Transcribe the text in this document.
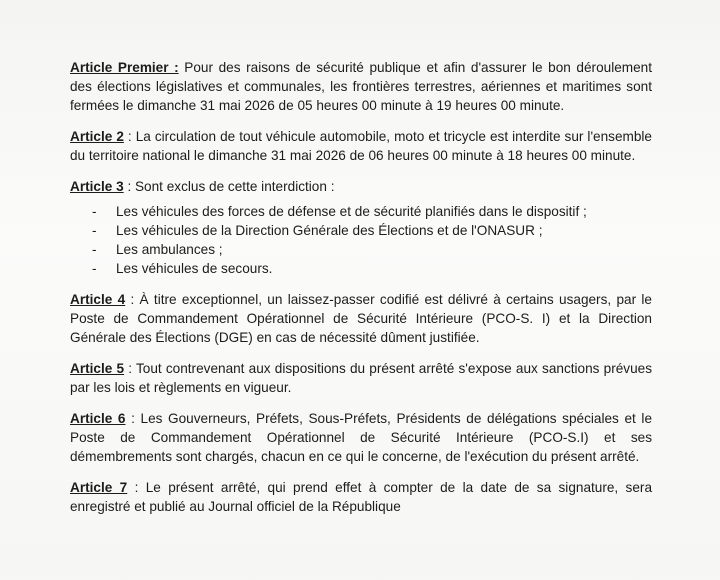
Article Premier : Pour des raisons de sécurité publique et afin d'assurer le bon déroulement des élections législatives et communales, les frontières terrestres, aériennes et maritimes sont fermées le dimanche 31 mai 2026 de 05 heures 00 minute à 19 heures 00 minute.

Article 2 : La circulation de tout véhicule automobile, moto et tricycle est interdite sur l'ensemble du territoire national le dimanche 31 mai 2026 de 06 heures 00 minute à 18 heures 00 minute.

Article 3 : Sont exclus de cette interdiction :

- Les véhicules des forces de défense et de sécurité planifiés dans le dispositif ;
- Les véhicules de la Direction Générale des Élections et de l'ONASUR ;
- Les ambulances ;
- Les véhicules de secours.

Article 4 : À titre exceptionnel, un laissez-passer codifié est délivré à certains usagers, par le Poste de Commandement Opérationnel de Sécurité Intérieure (PCO-S. I) et la Direction Générale des Élections (DGE) en cas de nécessité dûment justifiée.

Article 5 : Tout contrevenant aux dispositions du présent arrêté s'expose aux sanctions prévues par les lois et règlements en vigueur.

Article 6 : Les Gouverneurs, Préfets, Sous-Préfets, Présidents de délégations spéciales et le Poste de Commandement Opérationnel de Sécurité Intérieure (PCO-S.I) et ses démembrements sont chargés, chacun en ce qui le concerne, de l'exécution du présent arrêté.

Article 7 : Le présent arrêté, qui prend effet à compter de la date de sa signature, sera enregistré et publié au Journal officiel de la République
